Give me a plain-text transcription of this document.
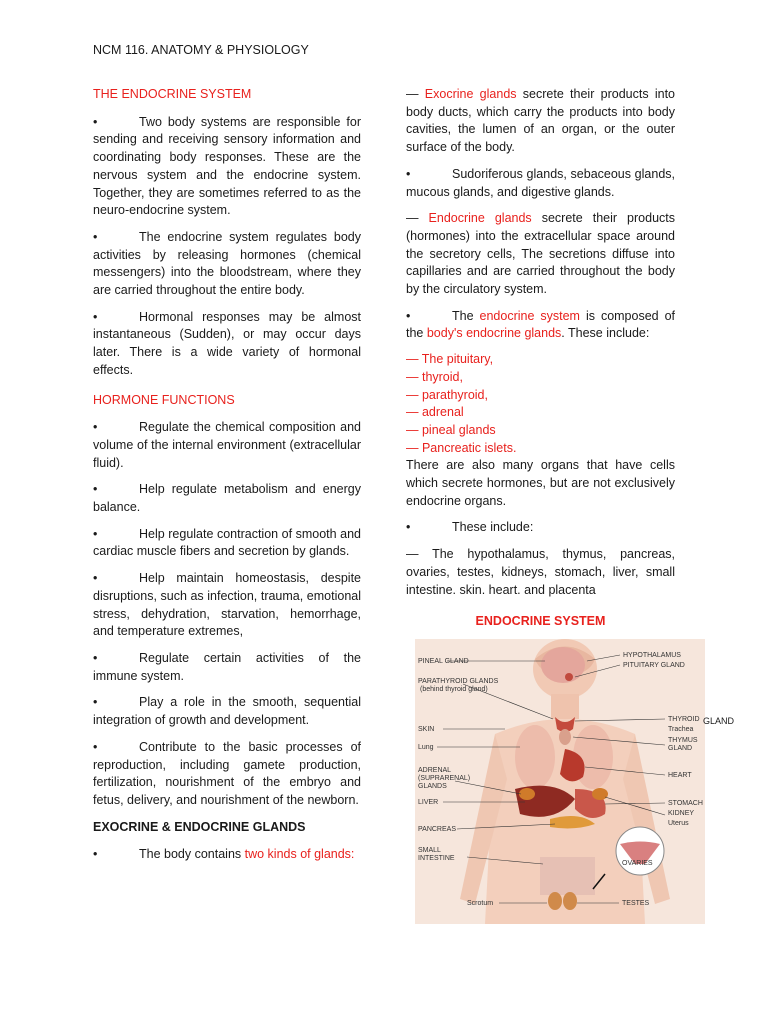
NCM 116. ANATOMY & PHYSIOLOGY
THE ENDOCRINE SYSTEM
•	Two body systems are responsible for sending and receiving sensory information and coordinating body responses. These are the nervous system and the endocrine system. Together, they are sometimes referred to as the neuro-endocrine system.
•	The endocrine system regulates body activities by releasing hormones (chemical messengers) into the bloodstream, where they are carried throughout the entire body.
•	Hormonal responses may be almost instantaneous (Sudden), or may occur days later. There is a wide variety of hormonal effects.
HORMONE FUNCTIONS
•	Regulate the chemical composition and volume of the internal environment (extracellular fluid).
•	Help regulate metabolism and energy balance.
•	Help regulate contraction of smooth and cardiac muscle fibers and secretion by glands.
•	Help maintain homeostasis, despite disruptions, such as infection, trauma, emotional stress, dehydration, starvation, hemorrhage, and temperature extremes,
•	Regulate certain activities of the immune system.
•	Play a role in the smooth, sequential integration of growth and development.
•	Contribute to the basic processes of reproduction, including gamete production, fertilization, nourishment of the embryo and fetus, delivery, and nourishment of the newborn.
EXOCRINE & ENDOCRINE GLANDS
•	The body contains two kinds of glands:

— Exocrine glands secrete their products into body ducts, which carry the products into body cavities, the lumen of an organ, or the outer surface of the body.

•	Sudoriferous glands, sebaceous glands, mucous glands, and digestive glands.

— Endocrine glands secrete their products (hormones) into the extracellular space around the secretory cells, The secretions diffuse into capillaries and are carried throughout the body by the circulatory system.

•	The endocrine system is composed of the body's endocrine glands. These include:
— The pituitary,
— thyroid,
— parathyroid,
— adrenal
— pineal glands
— Pancreatic islets.

There are also many organs that have cells which secrete hormones, but are not exclusively endocrine organs.

•	These include:

— The hypothalamus, thymus, pancreas, ovaries, testes, kidneys, stomach, liver, small intestine. skin. heart. and placenta

ENDOCRINE SYSTEM
PINEAL GLAND
PARATHYROID GLANDS
(behind thyroid gland)
SKIN
Lung
ADRENAL
(SUPRARENAL)
GLANDS
LIVER
PANCREAS
SMALL
INTESTINE
Scrotum
HYPOTHALAMUS
PITUITARY GLAND
THYROID
Trachea
THYMUS
GLAND
HEART
STOMACH
KIDNEY
Uterus
OVARIES
TESTES
GLAND
